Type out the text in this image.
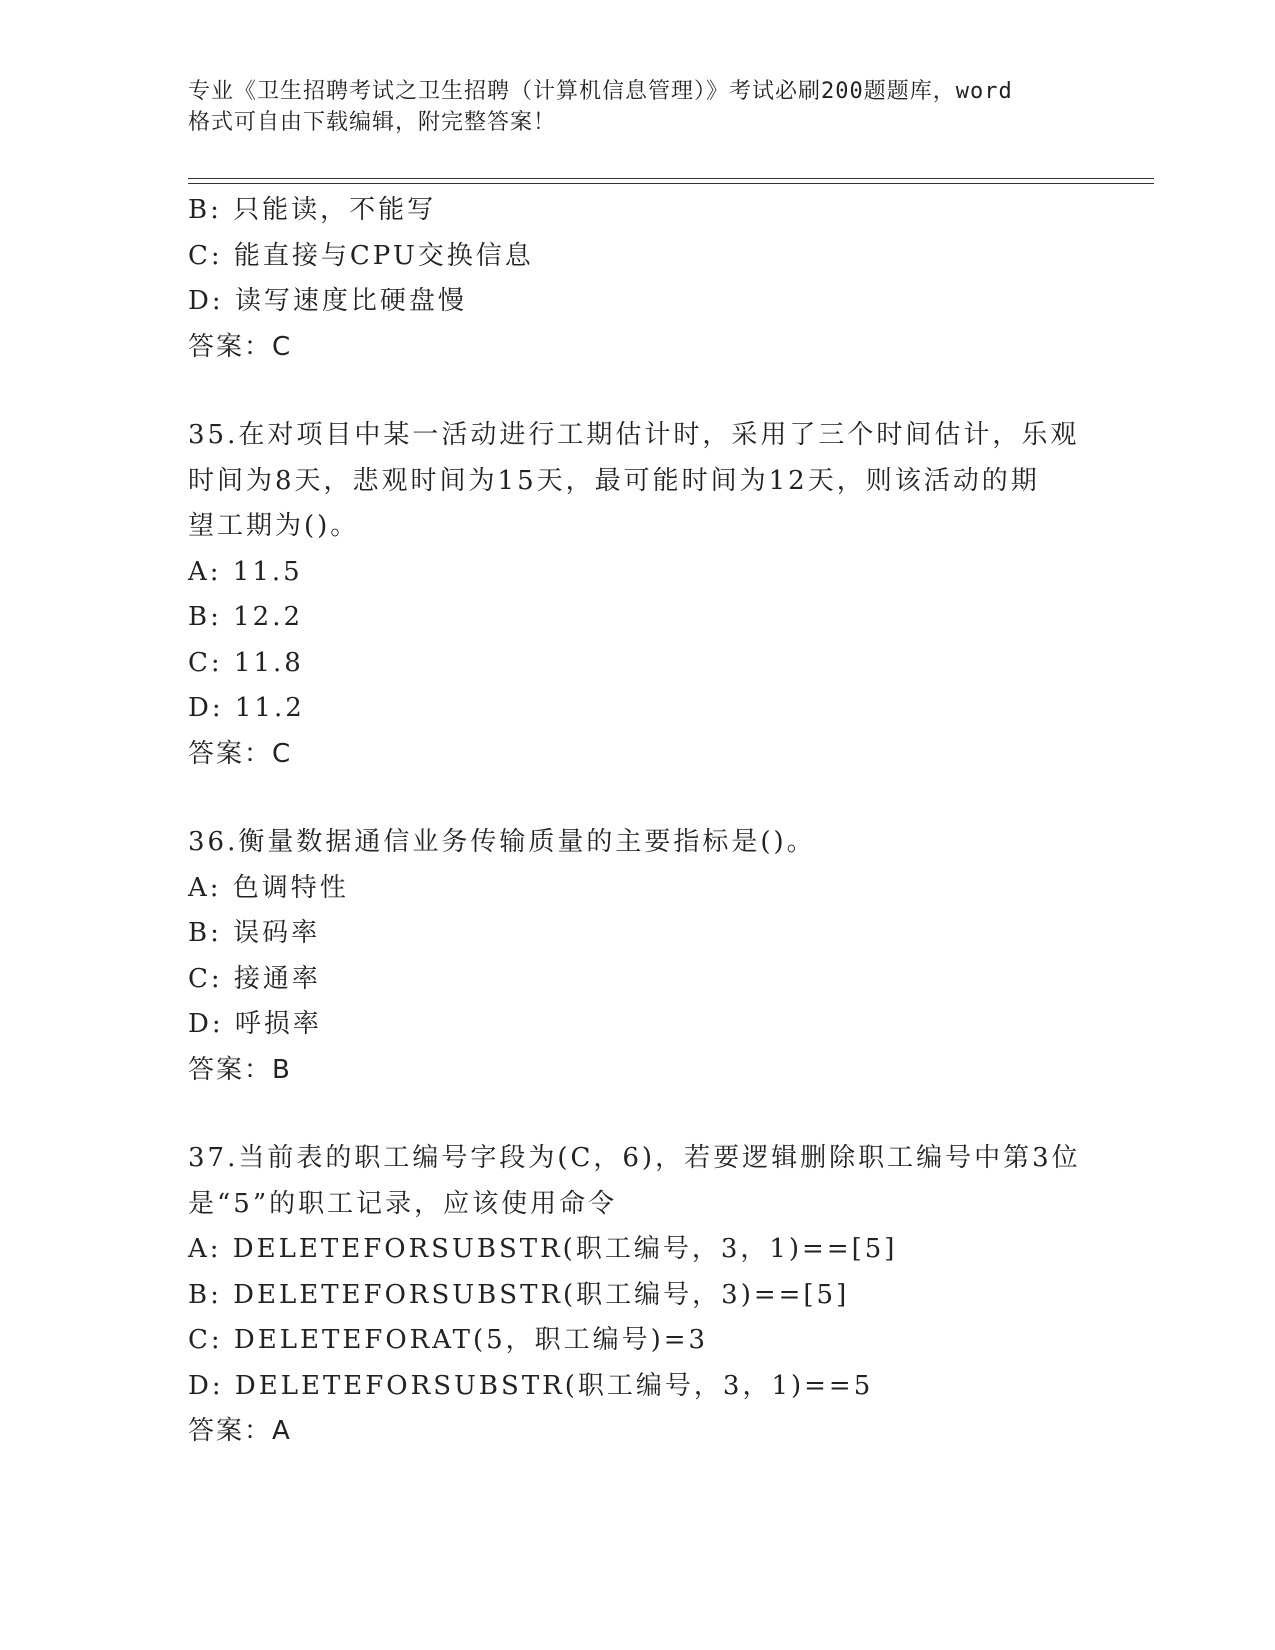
专业《卫生招聘考试之卫生招聘（计算机信息管理）》考试必刷200题题库，word
格式可自由下载编辑，附完整答案！
B: 只能读，不能写
C: 能直接与CPU交换信息
D: 读写速度比硬盘慢
答案：C
35.在对项目中某一活动进行工期估计时，采用了三个时间估计，乐观
时间为8天，悲观时间为15天，最可能时间为12天，则该活动的期
望工期为()。
A: 11.5
B: 12.2
C: 11.8
D: 11.2
答案：C
36.衡量数据通信业务传输质量的主要指标是()。
A: 色调特性
B: 误码率
C: 接通率
D: 呼损率
答案：B
37.当前表的职工编号字段为(C，6)，若要逻辑删除职工编号中第3位
是“5”的职工记录，应该使用命令
A: DELETEFORSUBSTR(职工编号，3，1)==[5]
B: DELETEFORSUBSTR(职工编号，3)==[5]
C: DELETEFORAT(5，职工编号)=3
D: DELETEFORSUBSTR(职工编号，3，1)==5
答案：A
